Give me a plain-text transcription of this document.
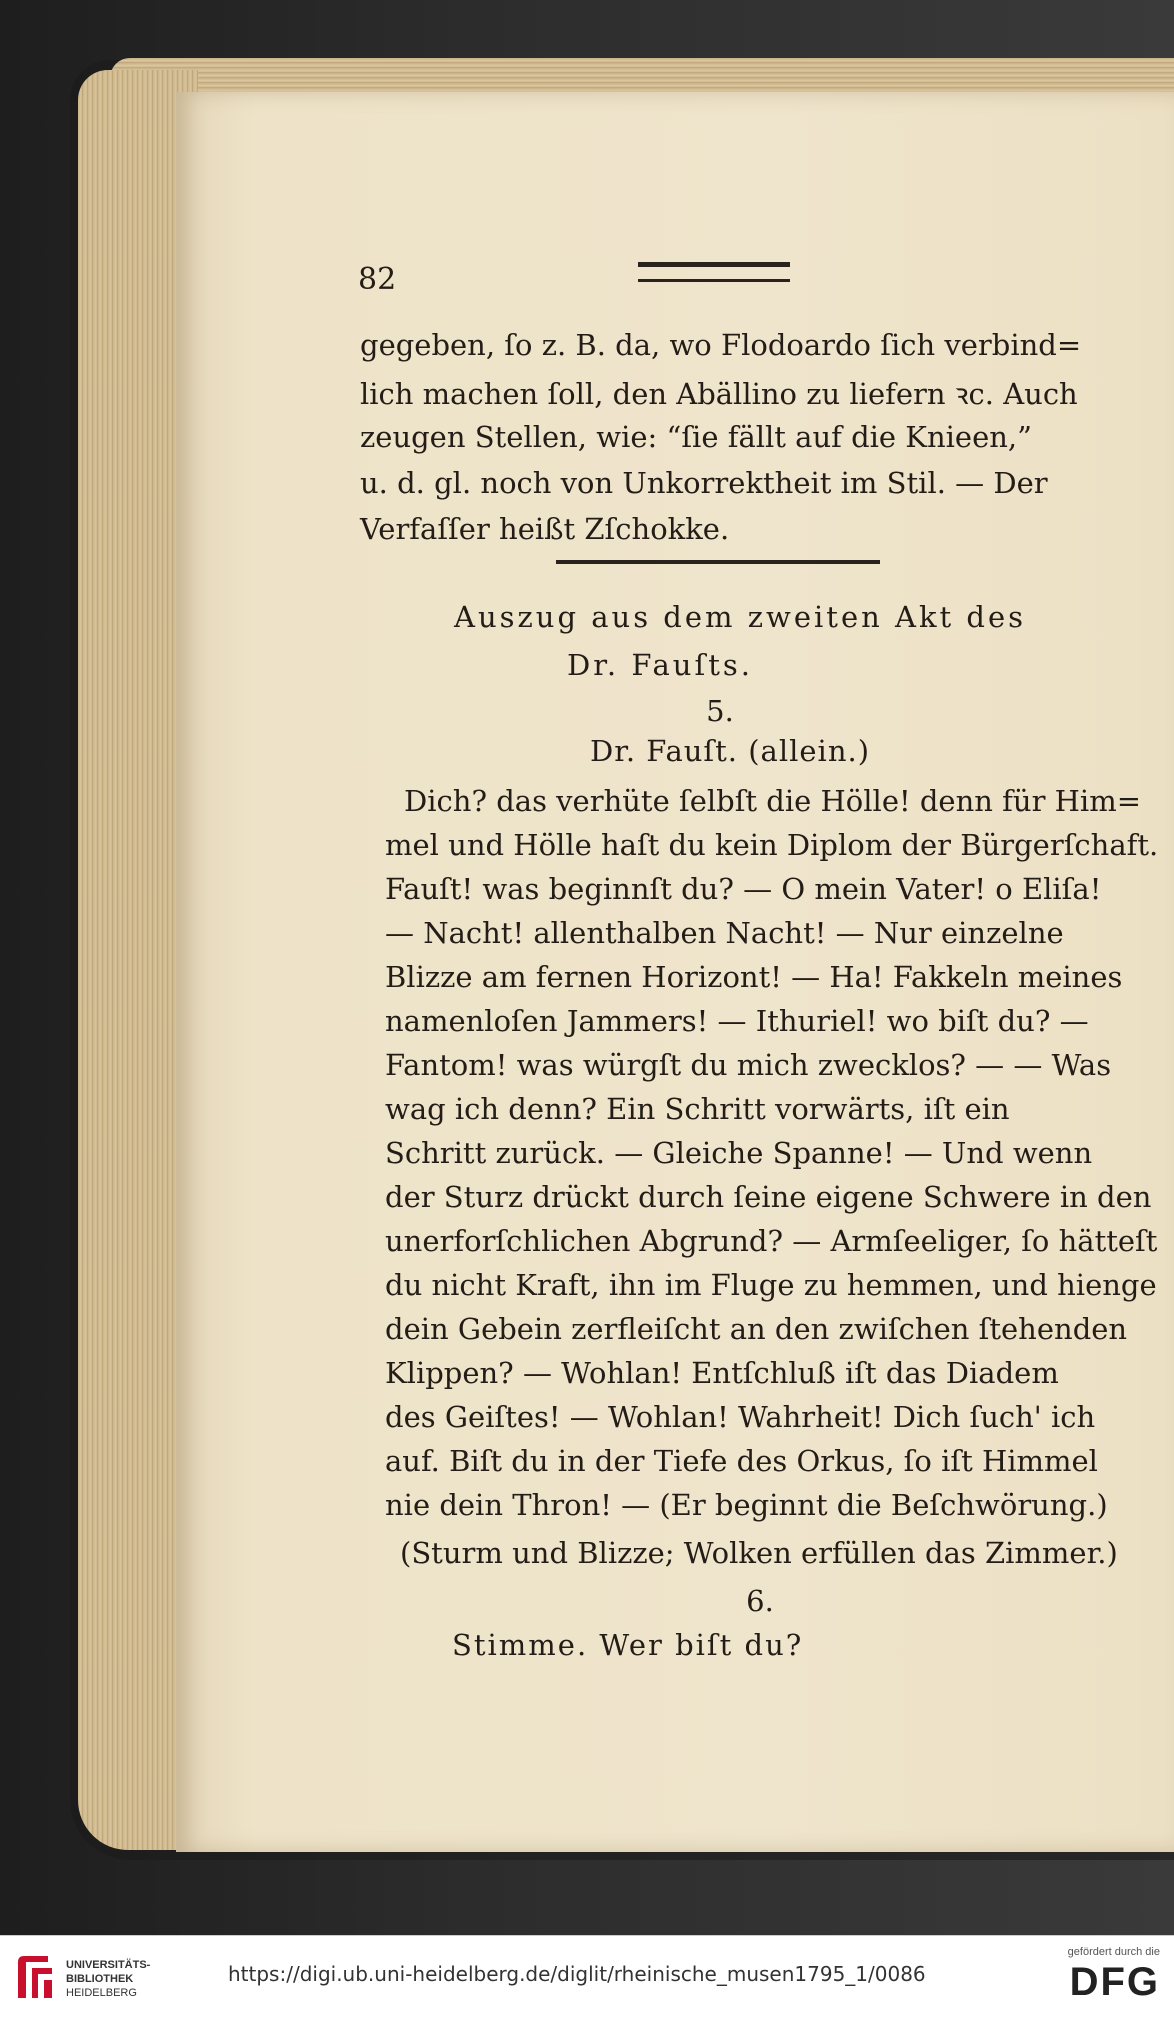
82
gegeben, ſo z. B. da, wo Flodoardo ſich verbind=
lich machen ſoll, den Abällino zu liefern ꝛc. Auch
zeugen Stellen, wie: “ſie fällt auf die Knieen,”
u. d. gl. noch von Unkorrektheit im Stil. — Der
Verfaſſer heißt Zſchokke.
Auszug aus dem zweiten Akt des
Dr. Fauſts.
5.
Dr. Fauſt. (allein.)
Dich? das verhüte ſelbſt die Hölle! denn für Him=
mel und Hölle haſt du kein Diplom der Bürgerſchaft.
Fauſt! was beginnſt du? — O mein Vater! o Eliſa!
— Nacht! allenthalben Nacht! — Nur einzelne
Blizze am fernen Horizont! — Ha! Fakkeln meines
namenloſen Jammers! — Ithuriel! wo biſt du? —
Fantom! was würgſt du mich zwecklos? — — Was
wag ich denn? Ein Schritt vorwärts, iſt ein
Schritt zurück. — Gleiche Spanne! — Und wenn
der Sturz drückt durch ſeine eigene Schwere in den
unerforſchlichen Abgrund? — Armſeeliger, ſo hätteſt
du nicht Kraft, ihn im Fluge zu hemmen, und hienge
dein Gebein zerfleiſcht an den zwiſchen ſtehenden
Klippen? — Wohlan! Entſchluß iſt das Diadem
des Geiſtes! — Wohlan! Wahrheit! Dich ſuch' ich
auf. Biſt du in der Tiefe des Orkus, ſo iſt Himmel
nie dein Thron! — (Er beginnt die Beſchwörung.)
(Sturm und Blizze; Wolken erfüllen das Zimmer.)
6.
Stimme. Wer biſt du?
UNIVERSITÄTS-
BIBLIOTHEK
HEIDELBERG
https://digi.ub.uni-heidelberg.de/diglit/rheinische_musen1795_1/0086
gefördert durch die
DFG
